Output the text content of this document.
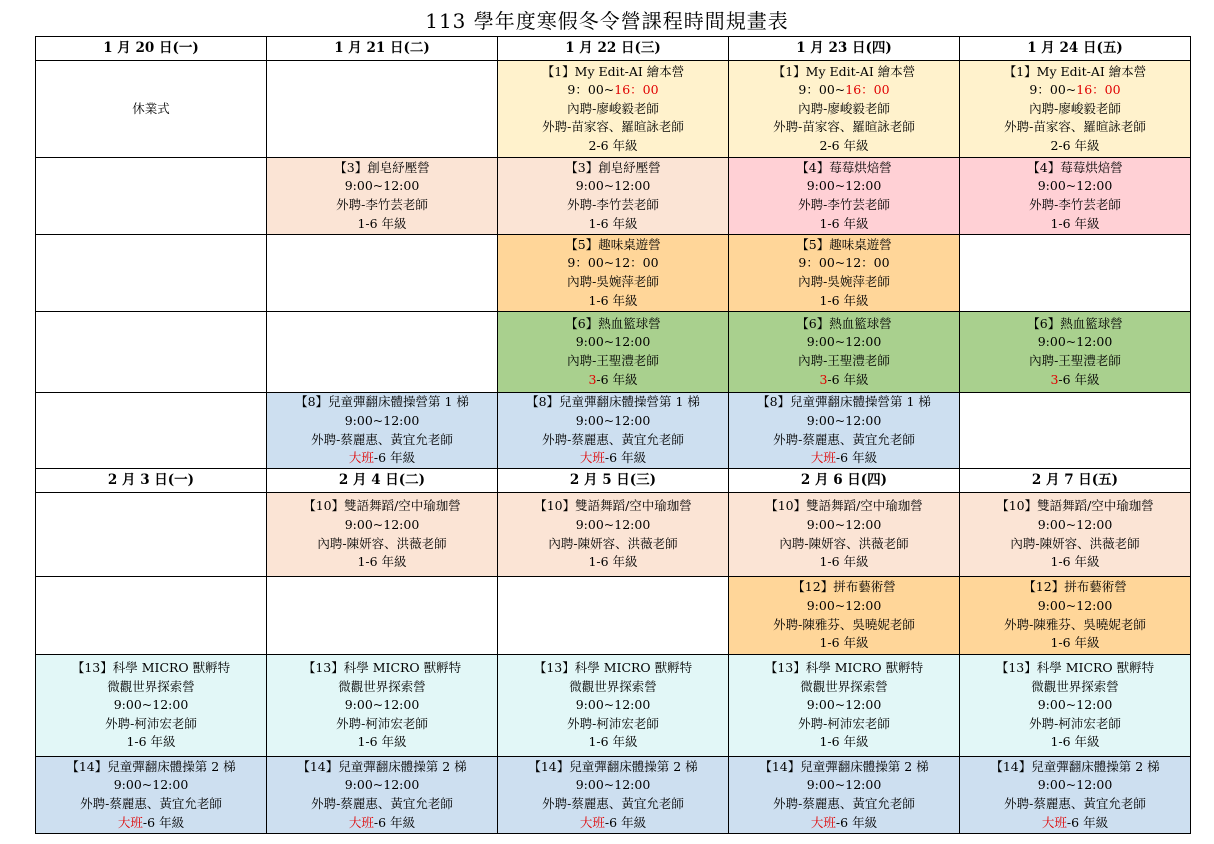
113 學年度寒假冬令營課程時間規畫表
1 月 20 日(一)	1 月 21 日(二)	1 月 22 日(三)	1 月 23 日(四)	1 月 24 日(五)

休業式		【1】My Edit-AI 繪本營
9：00~16：00
內聘-廖峻毅老師
外聘-苗家容、羅暄詠老師
2-6 年級	【1】My Edit-AI 繪本營
9：00~16：00
內聘-廖峻毅老師
外聘-苗家容、羅暄詠老師
2-6 年級	【1】My Edit-AI 繪本營
9：00~16：00
內聘-廖峻毅老師
外聘-苗家容、羅暄詠老師
2-6 年級

	【3】創皂紓壓營
9:00~12:00
外聘-李竹芸老師
1-6 年級	【3】創皂紓壓營
9:00~12:00
外聘-李竹芸老師
1-6 年級	【4】莓莓烘焙營
9:00~12:00
外聘-李竹芸老師
1-6 年級	【4】莓莓烘焙營
9:00~12:00
外聘-李竹芸老師
1-6 年級

		【5】趣味桌遊營
9：00~12：00
內聘-吳婉萍老師
1-6 年級	【5】趣味桌遊營
9：00~12：00
內聘-吳婉萍老師
1-6 年級	

		【6】熱血籃球營
9:00~12:00
內聘-王聖澧老師
3-6 年級	【6】熱血籃球營
9:00~12:00
內聘-王聖澧老師
3-6 年級	【6】熱血籃球營
9:00~12:00
內聘-王聖澧老師
3-6 年級

	【8】兒童彈翻床體操營第 1 梯
9:00~12:00
外聘-蔡麗惠、黃宜允老師
大班-6 年級	【8】兒童彈翻床體操營第 1 梯
9:00~12:00
外聘-蔡麗惠、黃宜允老師
大班-6 年級	【8】兒童彈翻床體操營第 1 梯
9:00~12:00
外聘-蔡麗惠、黃宜允老師
大班-6 年級	

2 月 3 日(一)	2 月 4 日(二)	2 月 5 日(三)	2 月 6 日(四)	2 月 7 日(五)

	【10】雙語舞蹈/空中瑜珈營
9:00~12:00
內聘-陳妍容、洪薇老師
1-6 年級	【10】雙語舞蹈/空中瑜珈營
9:00~12:00
內聘-陳妍容、洪薇老師
1-6 年級	【10】雙語舞蹈/空中瑜珈營
9:00~12:00
內聘-陳妍容、洪薇老師
1-6 年級	【10】雙語舞蹈/空中瑜珈營
9:00~12:00
內聘-陳妍容、洪薇老師
1-6 年級

			【12】拼布藝術營
9:00~12:00
外聘-陳雅芬、吳曉妮老師
1-6 年級	【12】拼布藝術營
9:00~12:00
外聘-陳雅芬、吳曉妮老師
1-6 年級

【13】科學 MICRO 獸孵特
微觀世界探索營
9:00~12:00
外聘-柯沛宏老師
1-6 年級	【13】科學 MICRO 獸孵特
微觀世界探索營
9:00~12:00
外聘-柯沛宏老師
1-6 年級	【13】科學 MICRO 獸孵特
微觀世界探索營
9:00~12:00
外聘-柯沛宏老師
1-6 年級	【13】科學 MICRO 獸孵特
微觀世界探索營
9:00~12:00
外聘-柯沛宏老師
1-6 年級	【13】科學 MICRO 獸孵特
微觀世界探索營
9:00~12:00
外聘-柯沛宏老師
1-6 年級

【14】兒童彈翻床體操第 2 梯
9:00~12:00
外聘-蔡麗惠、黃宜允老師
大班-6 年級	【14】兒童彈翻床體操第 2 梯
9:00~12:00
外聘-蔡麗惠、黃宜允老師
大班-6 年級	【14】兒童彈翻床體操第 2 梯
9:00~12:00
外聘-蔡麗惠、黃宜允老師
大班-6 年級	【14】兒童彈翻床體操第 2 梯
9:00~12:00
外聘-蔡麗惠、黃宜允老師
大班-6 年級	【14】兒童彈翻床體操第 2 梯
9:00~12:00
外聘-蔡麗惠、黃宜允老師
大班-6 年級
